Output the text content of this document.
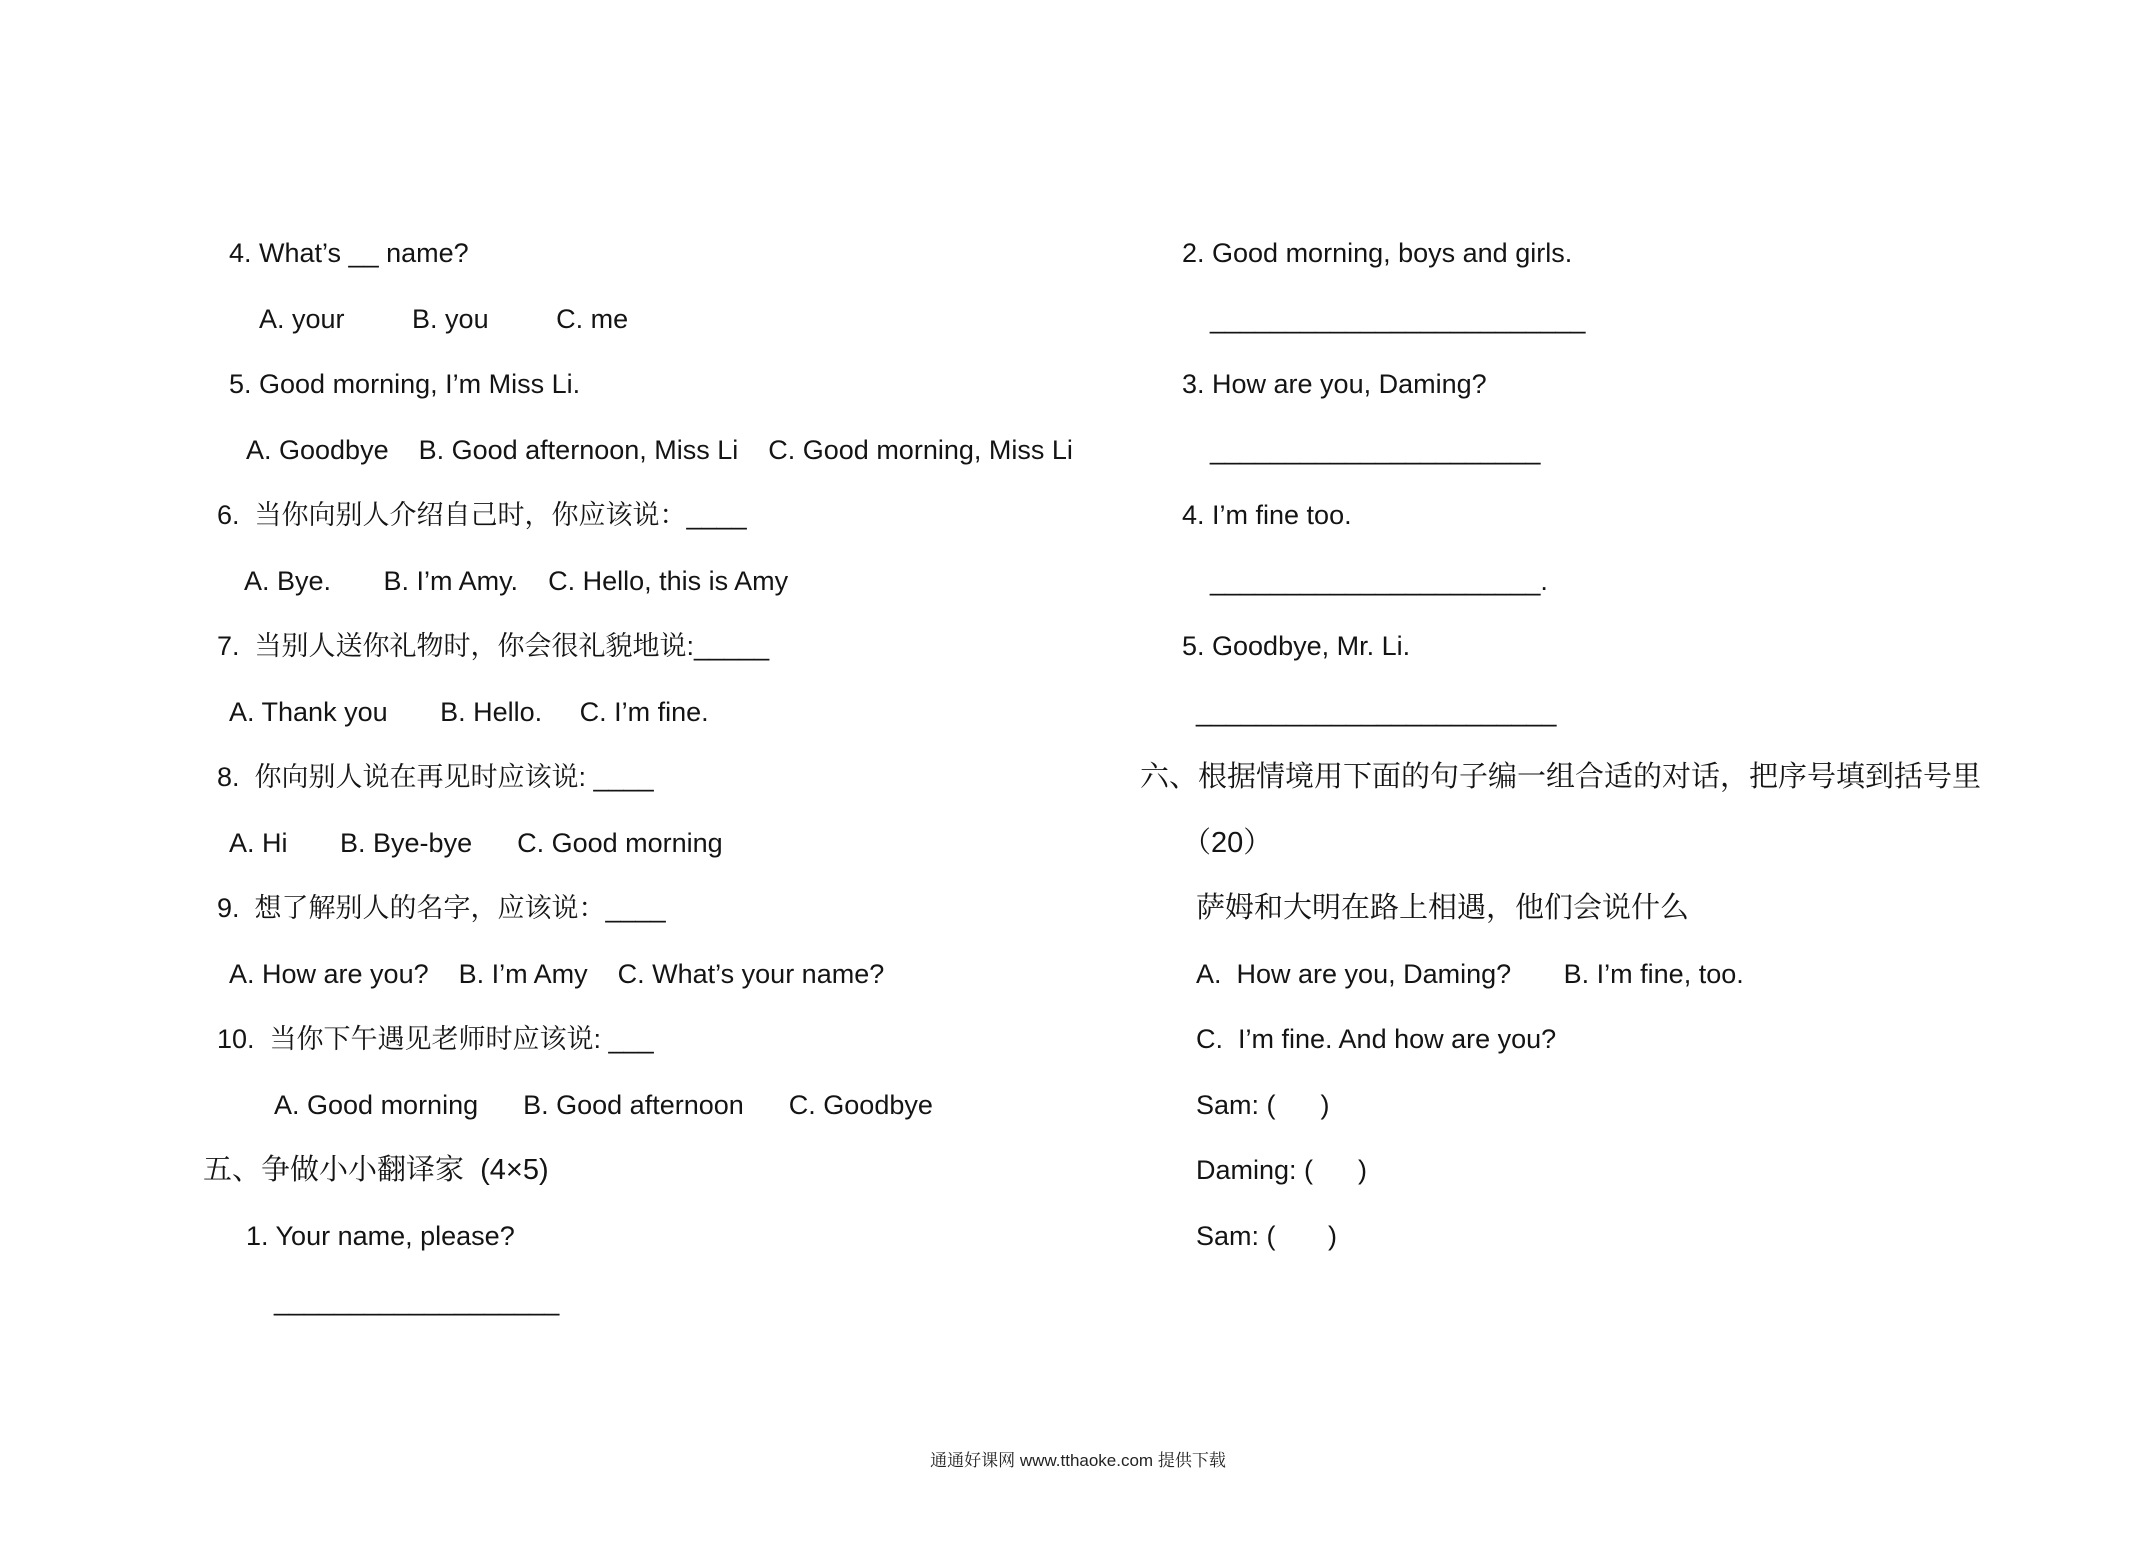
4. What’s __ name?
A. your         B. you         C. me
5. Good morning, I’m Miss Li.
A. Goodbye    B. Good afternoon, Miss Li    C. Good morning, Miss Li
6.  当你向别人介绍自己时，你应该说：____
A. Bye.       B. I’m Amy.    C. Hello, this is Amy
7.  当别人送你礼物时，你会很礼貌地说:_____
A. Thank you       B. Hello.     C. I’m fine.
8.  你向别人说在再见时应该说: ____
A. Hi       B. Bye-bye      C. Good morning
9.  想了解别人的名字，应该说：____
A. How are you?    B. I’m Amy    C. What’s your name?
10.  当你下午遇见老师时应该说: ___
A. Good morning      B. Good afternoon      C. Goodbye
五、争做小小翻译家  (4×5)
1. Your name, please?
___________________
2. Good morning, boys and girls.
_________________________
3. How are you, Daming?
______________________
4. I’m fine too.
______________________.
5. Goodbye, Mr. Li.
________________________
六、根据情境用下面的句子编一组合适的对话，把序号填到括号里
（20）
萨姆和大明在路上相遇，他们会说什么
A.  How are you, Daming?       B. I’m fine, too.
C.  I’m fine. And how are you?
Sam: (      )
Daming: (      )
Sam: (       )
通通好课网 www.tthaoke.com 提供下载
